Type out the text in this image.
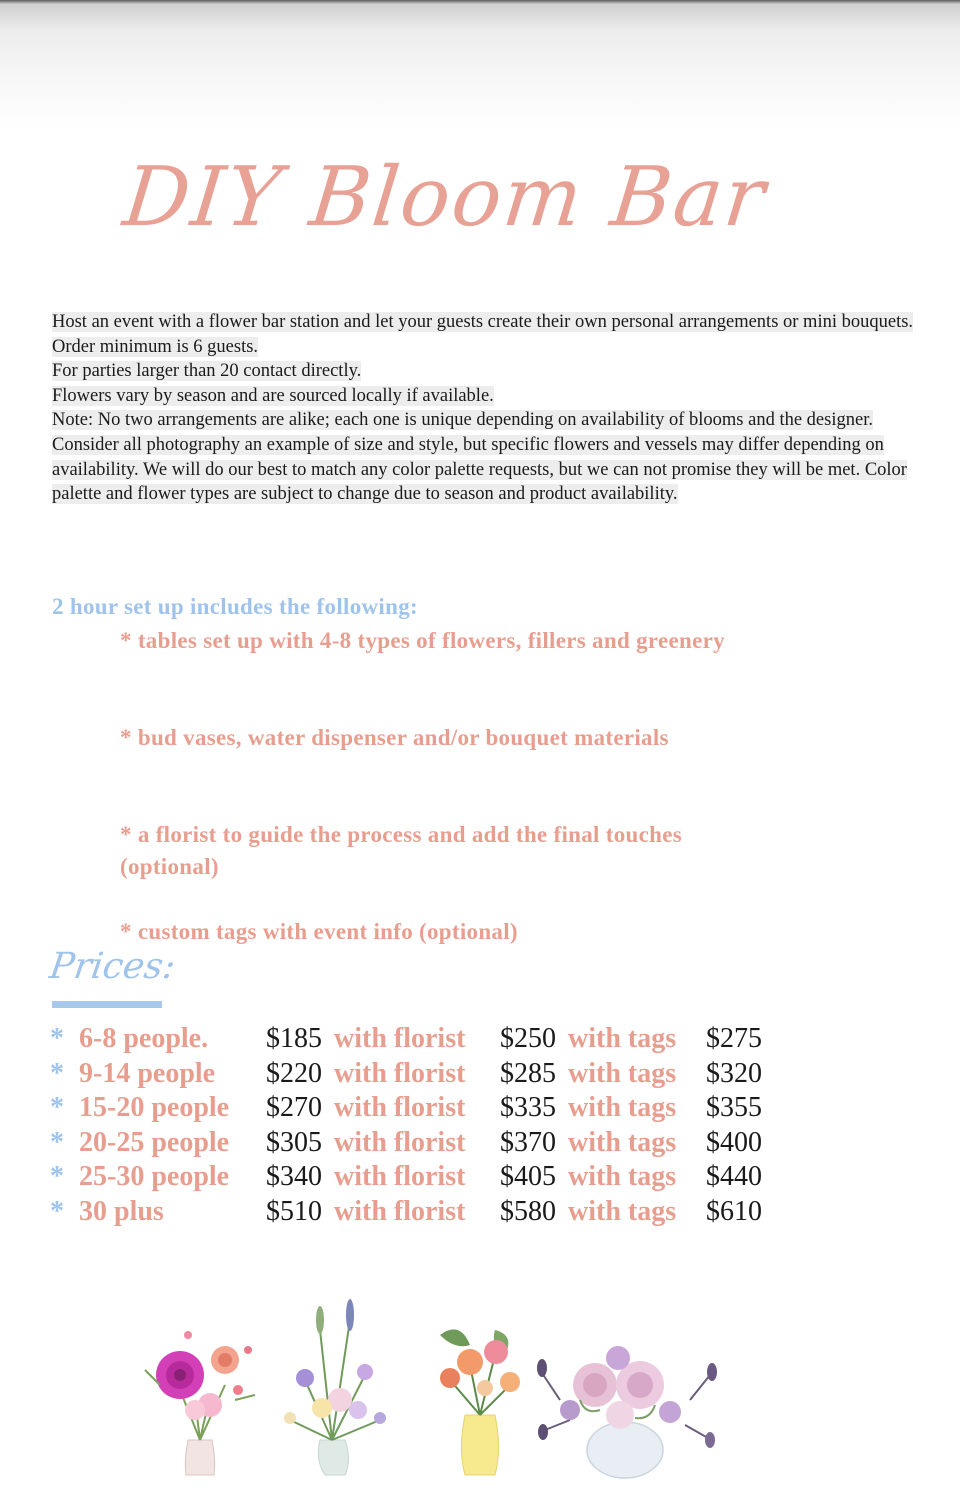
DIY Bloom Bar

Host an event with a flower bar station and let your guests create their own personal arrangements or mini bouquets.

Order minimum is 6 guests.

For parties larger than 20 contact directly.

Flowers vary by season and are sourced locally if available.

Note: No two arrangements are alike; each one is unique depending on availability of blooms and the designer. Consider all photography an example of size and style, but specific flowers and vessels may differ depending on availability. We will do our best to match any color palette requests, but we can not promise they will be met. Color palette and flower types are subject to change due to season and product availability.

2 hour set up includes the following:
* tables set up with 4-8 types of flowers, fillers and greenery
* bud vases, water dispenser and/or bouquet materials
* a florist to guide the process and add the final touches (optional)
* custom tags with event info (optional)
Prices:
* 6-8 people. $185 with florist $250 with tags $275
* 9-14 people $220 with florist $285 with tags $320
* 15-20 people $270 with florist $335 with tags $355
* 20-25 people $305 with florist $370 with tags $400
* 25-30 people $340 with florist $405 with tags $440
* 30 plus	$510 with florist $580 with tags $610
